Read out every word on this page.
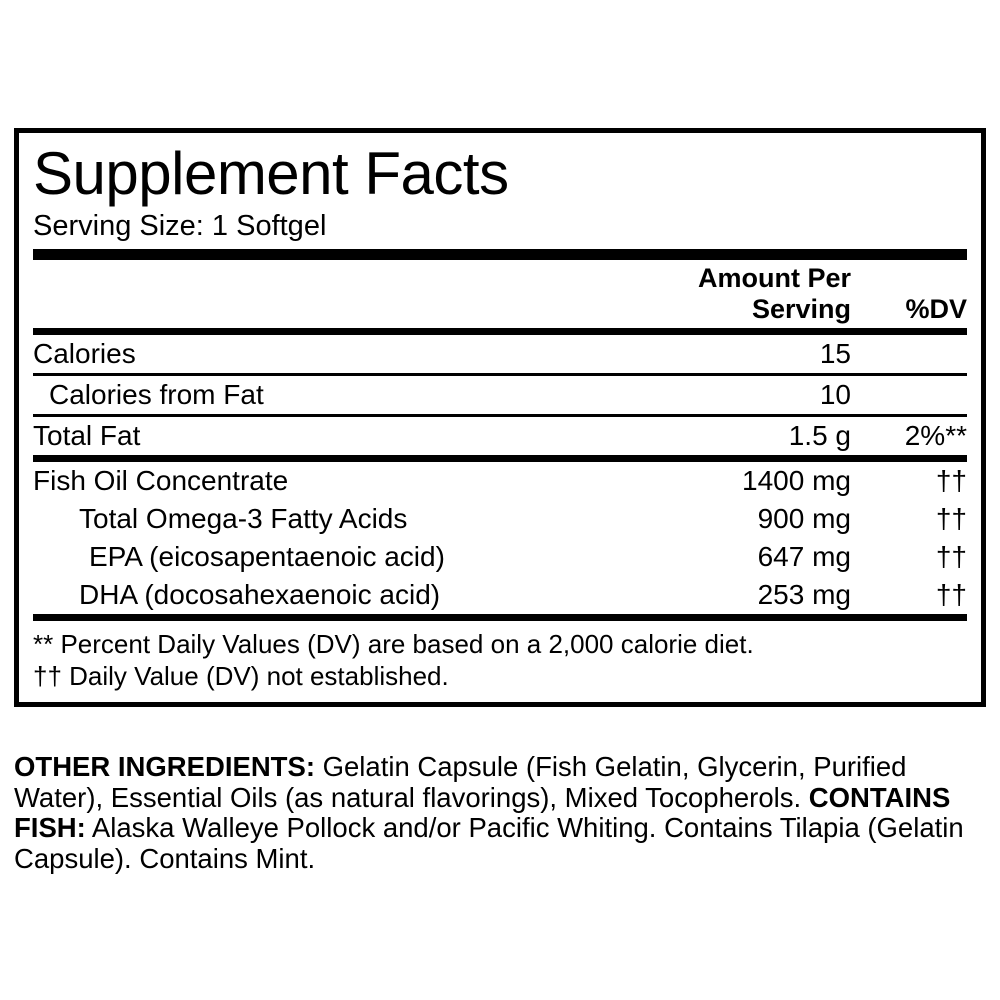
Supplement Facts
Serving Size: 1 Softgel
	Amount Per Serving	%DV
Calories	15	
Calories from Fat	10	
Total Fat	1.5 g	2%**
Fish Oil Concentrate	1400 mg	††
Total Omega-3 Fatty Acids	900 mg	††
EPA (eicosapentaenoic acid)	647 mg	††
DHA (docosahexaenoic acid)	253 mg	††
** Percent Daily Values (DV) are based on a 2,000 calorie diet.
†† Daily Value (DV) not established.
OTHER INGREDIENTS: Gelatin Capsule (Fish Gelatin, Glycerin, Purified Water), Essential Oils (as natural flavorings), Mixed Tocopherols. CONTAINS FISH: Alaska Walleye Pollock and/or Pacific Whiting. Contains Tilapia (Gelatin Capsule). Contains Mint.
